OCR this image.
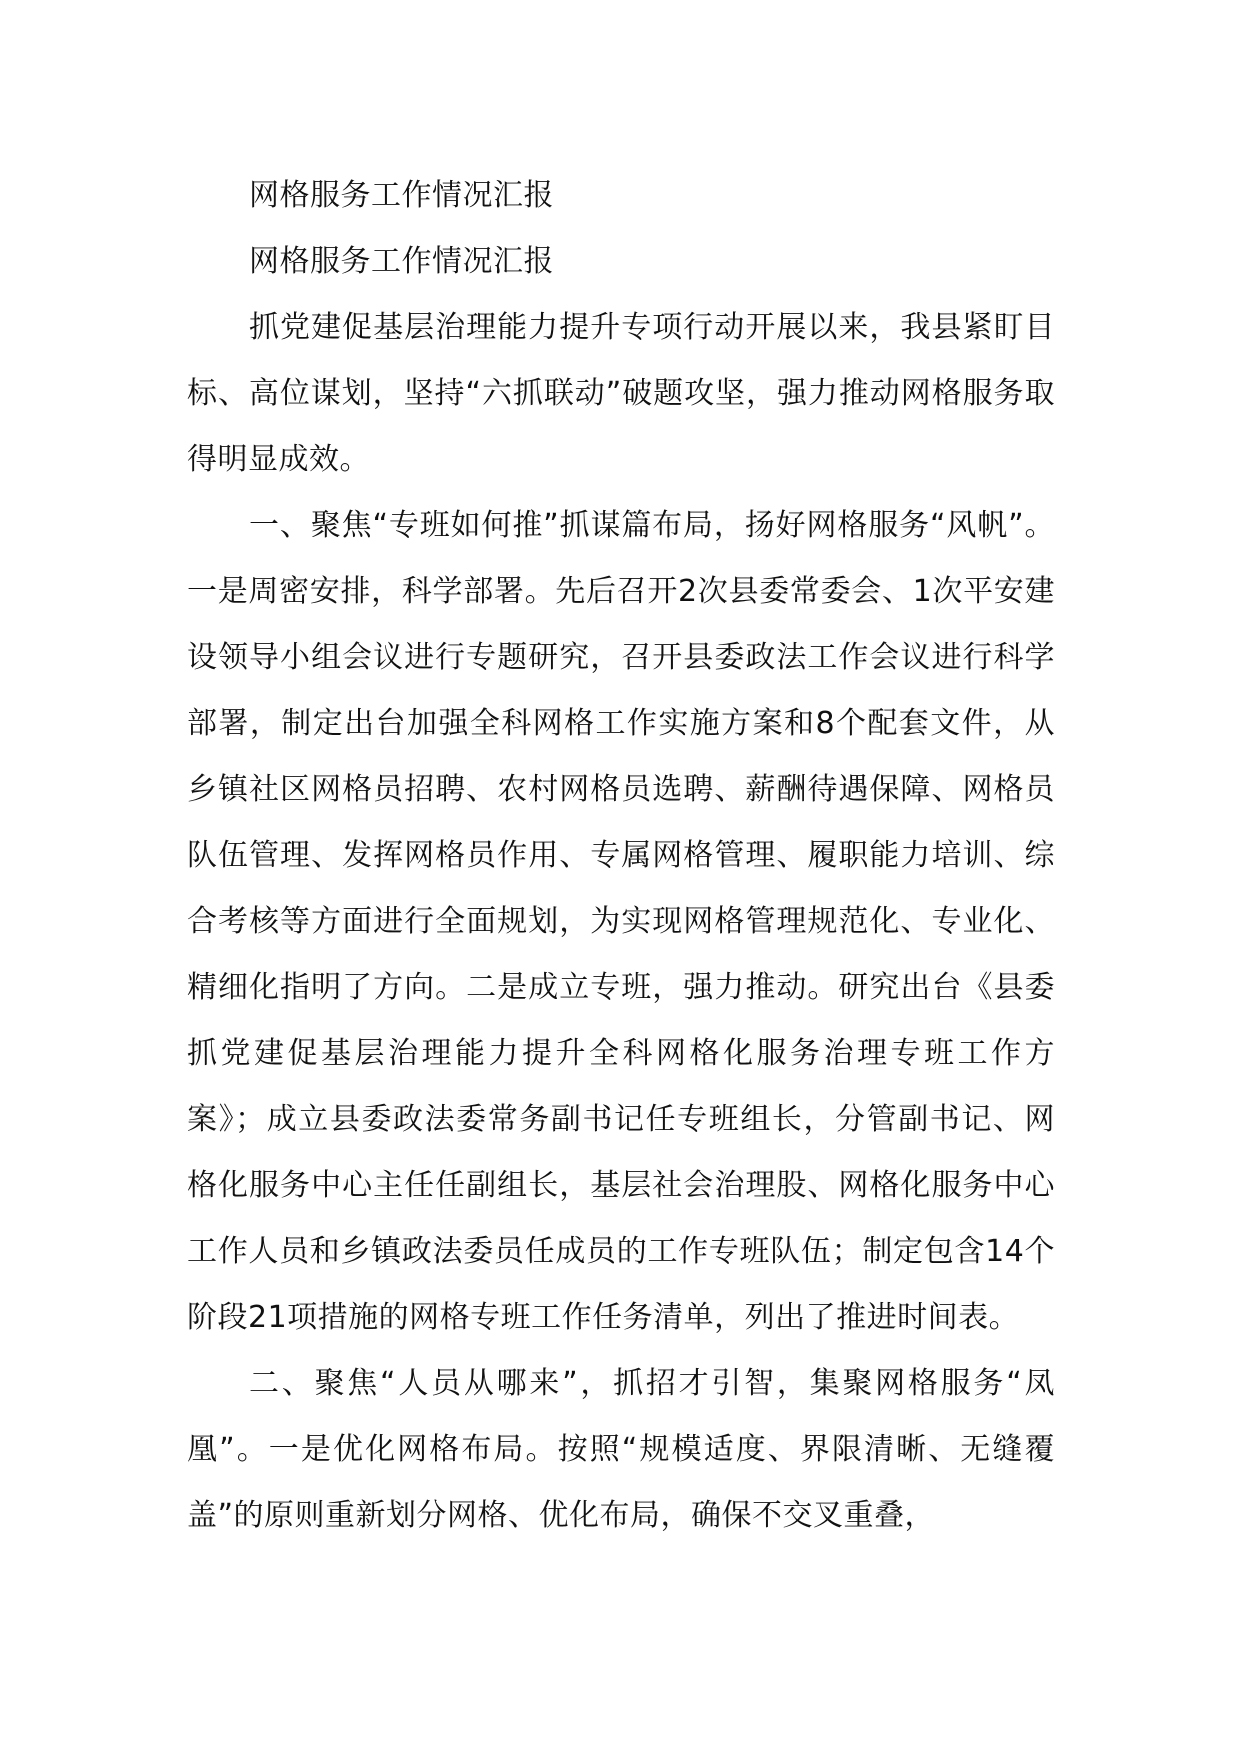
网格服务工作情况汇报

网格服务工作情况汇报

抓党建促基层治理能力提升专项行动开展以来，我县紧盯目标、高位谋划，坚持“六抓联动”破题攻坚，强力推动网格服务取得明显成效。

一、聚焦“专班如何推”抓谋篇布局，扬好网格服务“风帆”。一是周密安排，科学部署。先后召开2次县委常委会、1次平安建设领导小组会议进行专题研究，召开县委政法工作会议进行科学部署，制定出台加强全科网格工作实施方案和8个配套文件，从乡镇社区网格员招聘、农村网格员选聘、薪酬待遇保障、网格员队伍管理、发挥网格员作用、专属网格管理、履职能力培训、综合考核等方面进行全面规划，为实现网格管理规范化、专业化、精细化指明了方向。二是成立专班，强力推动。研究出台《县委抓党建促基层治理能力提升全科网格化服务治理专班工作方案》；成立县委政法委常务副书记任专班组长，分管副书记、网格化服务中心主任任副组长，基层社会治理股、网格化服务中心工作人员和乡镇政法委员任成员的工作专班队伍；制定包含14个阶段21项措施的网格专班工作任务清单，列出了推进时间表。

二、聚焦“人员从哪来”，抓招才引智，集聚网格服务“凤凰”。一是优化网格布局。按照“规模适度、界限清晰、无缝覆盖”的原则重新划分网格、优化布局，确保不交叉重叠，
